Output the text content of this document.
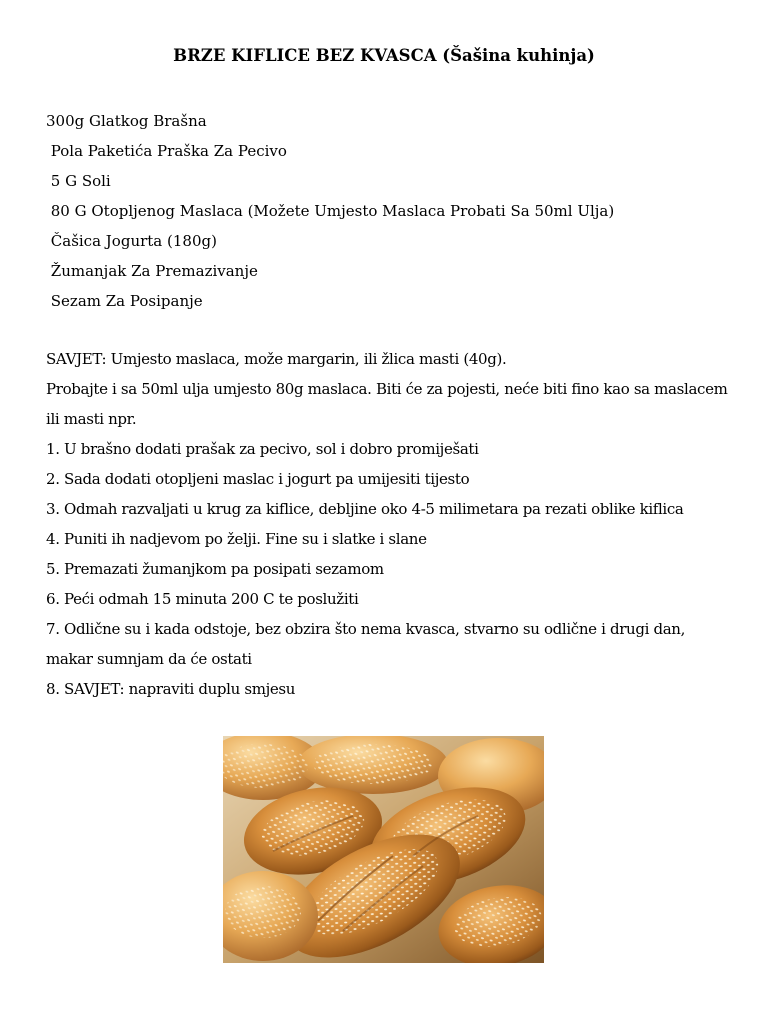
BRZE KIFLICE BEZ KVASCA (Šašina kuhinja)
300g Glatkog Brašna
Pola Paketića Praška Za Pecivo
5 G Soli
80 G Otopljenog Maslaca (Možete Umjesto Maslaca Probati Sa 50ml Ulja)
Čašica Jogurta (180g)
Žumanjak Za Premazivanje
Sezam Za Posipanje

SAVJET: Umjesto maslaca, može margarin, ili žlica masti (40g).

Probajte i sa 50ml ulja umjesto 80g maslaca. Biti će za pojesti, neće biti fino kao sa maslacem ili masti npr.

1. U brašno dodati prašak za pecivo, sol i dobro promiješati

2. Sada dodati otopljeni maslac i jogurt pa umijesiti tijesto

3. Odmah razvaljati u krug za kiflice, debljine oko 4-5 milimetara pa rezati oblike kiflica

4. Puniti ih nadjevom po želji. Fine su i slatke i slane

5. Premazati žumanjkom pa posipati sezamom

6. Peći odmah 15 minuta 200 C te poslužiti

7. Odlične su i kada odstoje, bez obzira što nema kvasca, stvarno su odlične i drugi dan, makar sumnjam da će ostati

8. SAVJET: napraviti duplu smjesu
